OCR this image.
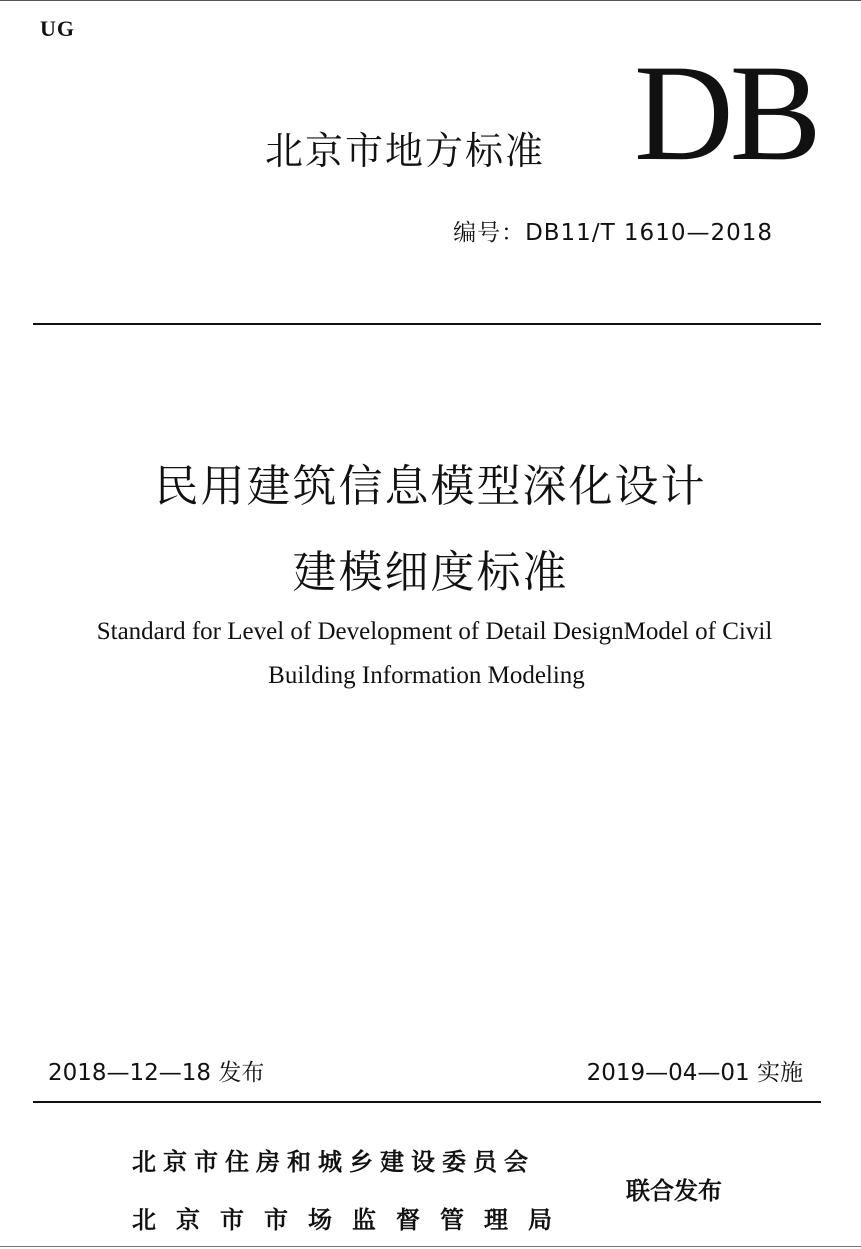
UG
北京市地方标准 DB
编号：DB11/T 1610—2018
民用建筑信息模型深化设计
建模细度标准
Standard for Level of Development of Detail DesignModel of Civil
Building Information Modeling
2018—12—18 发布	2019—04—01 实施
北京市住房和城乡建设委员会
北京市市场监督管理局
联合发布
